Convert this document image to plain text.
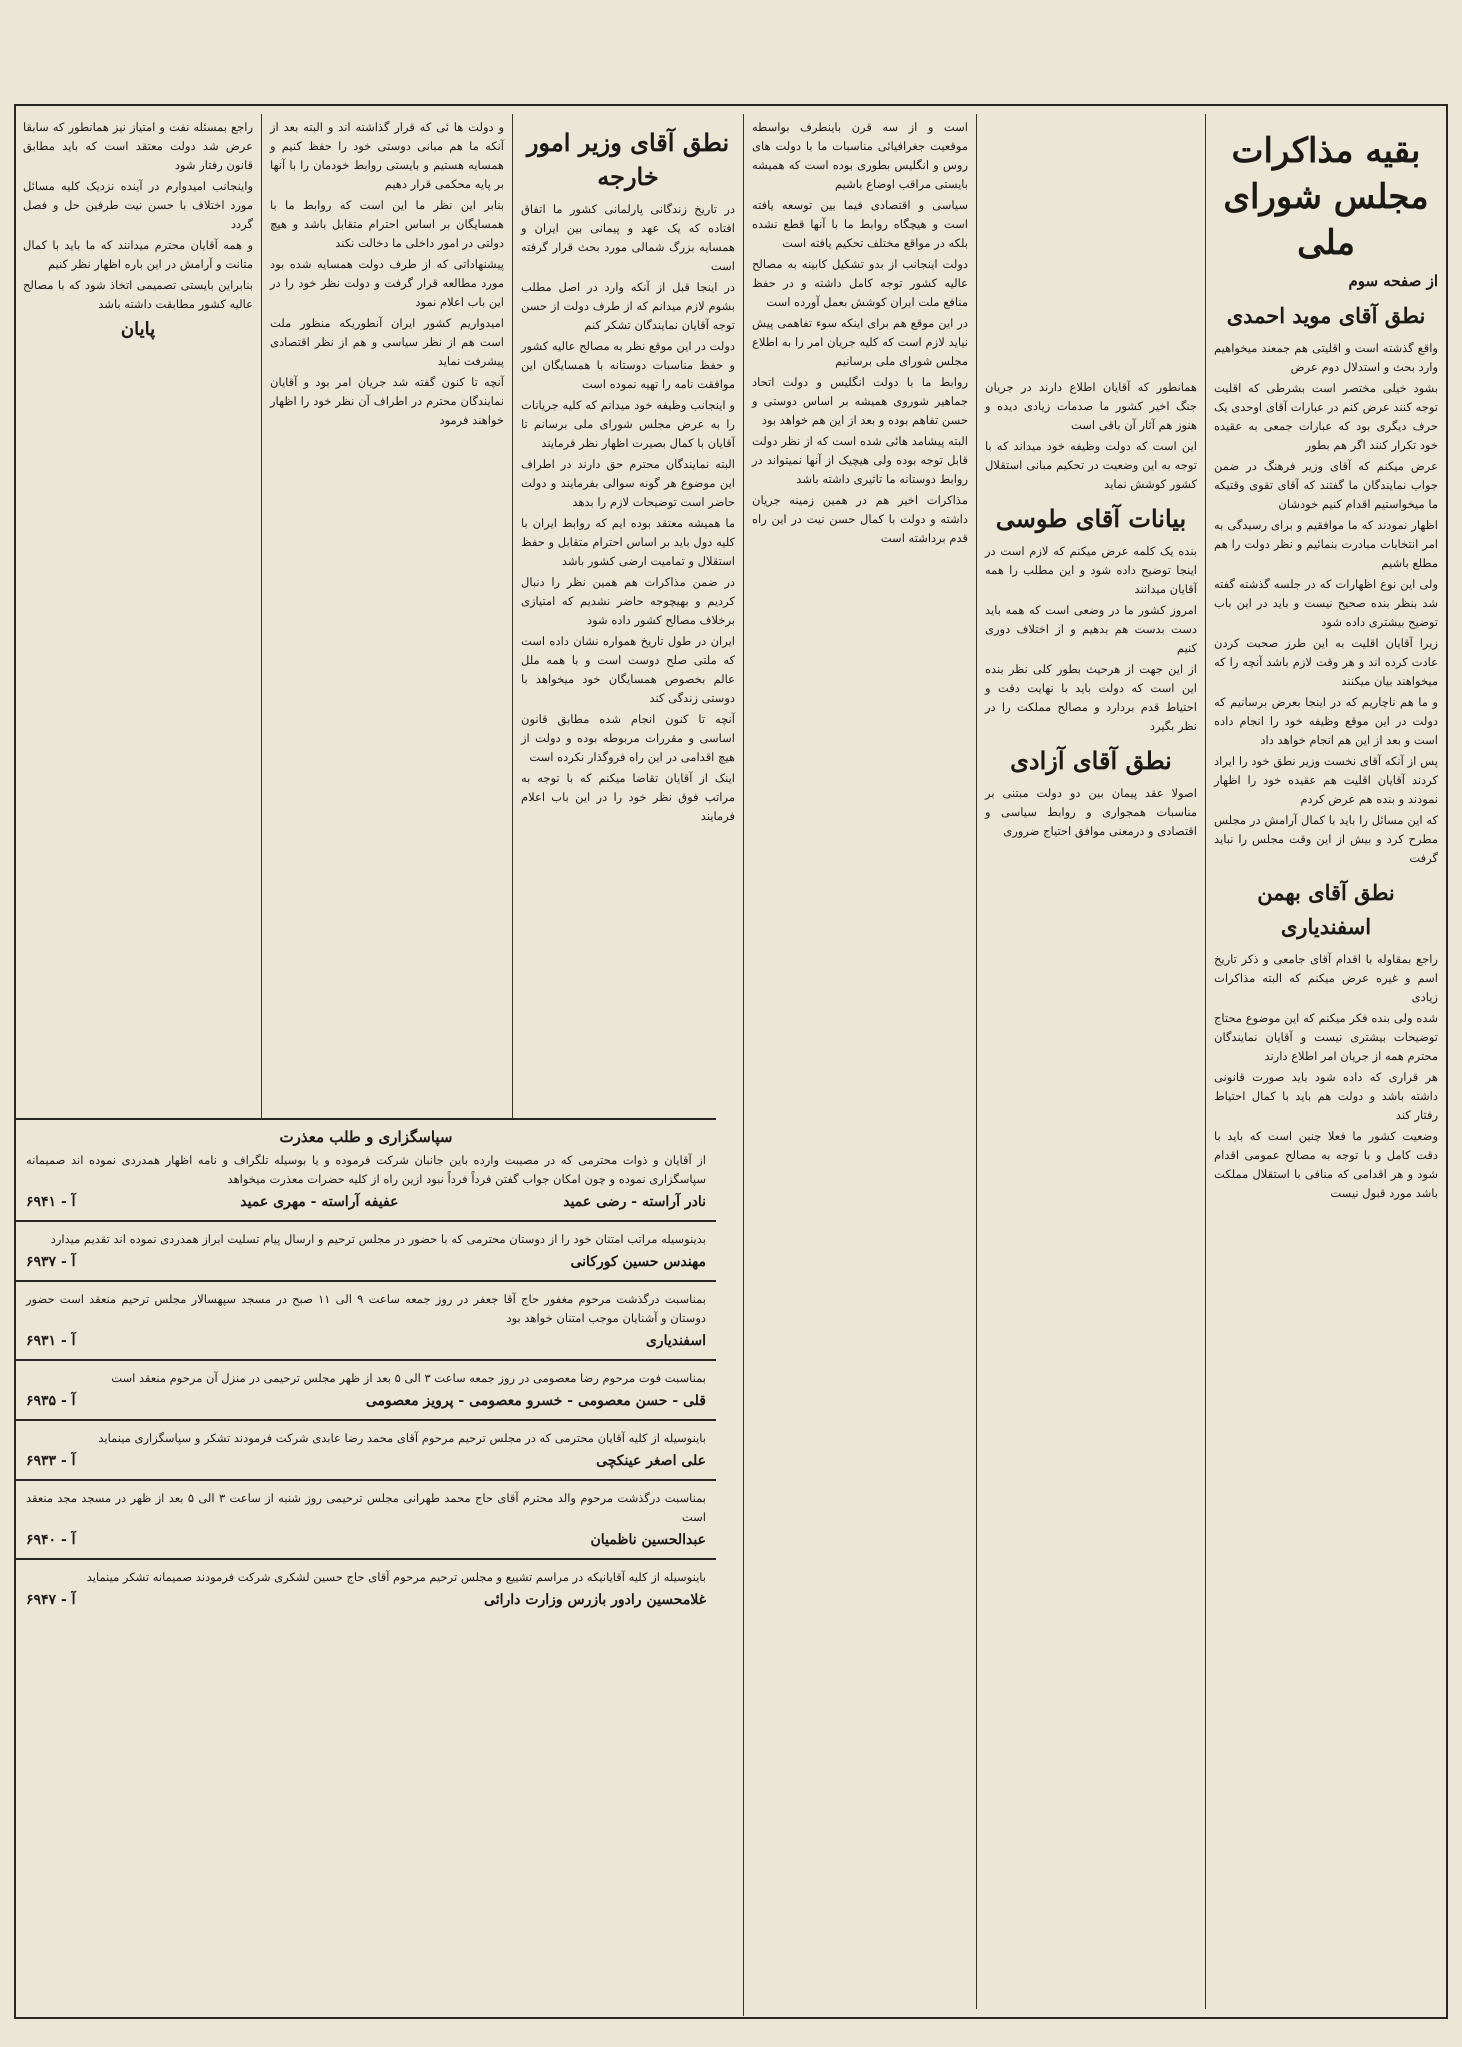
بقیه مذاکرات مجلس شورای ملی
از صفحه سوم
نطق آقای موید احمدی

واقع گذشته است و اقلیتی هم جمعند میخواهیم وارد بحث و استدلال دوم عرض

بشود خیلی مختصر است بشرطی که اقلیت توجه کنند عرض کنم در عبارات آقای اوحدی یک حرف دیگری بود که عبارات جمعی به عقیده خود تکرار کنند اگر هم بطور

عرض میکنم که آقای وزیر فرهنگ در ضمن جواب نمایندگان ما گفتند که آقای تقوی وقتیکه ما میخواستیم اقدام کنیم خودشان

اظهار نمودند که ما موافقیم و برای رسیدگی به امر انتخابات مبادرت بنمائیم و نظر دولت را هم مطلع باشیم

ولی این نوع اظهارات که در جلسه گذشته گفته شد بنظر بنده صحیح نیست و باید در این باب توضیح بیشتری داده شود

زیرا آقایان اقلیت به این طرز صحبت کردن عادت کرده اند و هر وقت لازم باشد آنچه را که میخواهند بیان میکنند

و ما هم ناچاریم که در اینجا بعرض برسانیم که دولت در این موقع وظیفه خود را انجام داده است و بعد از این هم انجام خواهد داد

پس از آنکه آقای نخست وزیر نطق خود را ایراد کردند آقایان اقلیت هم عقیده خود را اظهار نمودند و بنده هم عرض کردم

که این مسائل را باید با کمال آرامش در مجلس مطرح کرد و بیش از این وقت مجلس را نباید گرفت

نطق آقای بهمن اسفندیاری

راجع بمقاوله با اقدام آقای جامعی و ذکر تاریخ اسم و غیره عرض میکنم که البته مذاکرات زیادی

شده ولی بنده فکر میکنم که این موضوع محتاج توضیحات بیشتری نیست و آقایان نمایندگان محترم همه از جریان امر اطلاع دارند

هر قراری که داده شود باید صورت قانونی داشته باشد و دولت هم باید با کمال احتیاط رفتار کند

وضعیت کشور ما فعلا چنین است که باید با دقت کامل و با توجه به مصالح عمومی اقدام شود و هر اقدامی که منافی با استقلال مملکت باشد مورد قبول نیست

همانطور که آقایان اطلاع دارند در جریان جنگ اخیر کشور ما صدمات زیادی دیده و هنوز هم آثار آن باقی است

این است که دولت وظیفه خود میداند که با توجه به این وضعیت در تحکیم مبانی استقلال کشور کوشش نماید

بیانات آقای طوسی

بنده یک کلمه عرض میکنم که لازم است در اینجا توضیح داده شود و این مطلب را همه آقایان میدانند

امروز کشور ما در وضعی است که همه باید دست بدست هم بدهیم و از اختلاف دوری کنیم

از این جهت از هرحیث بطور کلی نظر بنده این است که دولت باید با نهایت دقت و احتیاط قدم بردارد و مصالح مملکت را در نظر بگیرد

نطق آقای آزادی

اصولا عقد پیمان بین دو دولت مبتنی بر مناسبات همجواری و روابط سیاسی و اقتصادی و درمعنی موافق احتیاج ضروری

است و از سه قرن باینطرف بواسطه موقعیت جغرافیائی مناسبات ما با دولت های روس و انگلیس بطوری بوده است که همیشه بایستی مراقب اوضاع باشیم

سیاسی و اقتصادی فیما بین توسعه یافته است و هیچگاه روابط ما با آنها قطع نشده بلکه در مواقع مختلف تحکیم یافته است

دولت اینجانب از بدو تشکیل کابینه به مصالح عالیه کشور توجه کامل داشته و در حفظ منافع ملت ایران کوشش بعمل آورده است

در این موقع هم برای اینکه سوء تفاهمی پیش نیاید لازم است که کلیه جریان امر را به اطلاع مجلس شورای ملی برسانیم

روابط ما با دولت انگلیس و دولت اتحاد جماهیر شوروی همیشه بر اساس دوستی و حسن تفاهم بوده و بعد از این هم خواهد بود

البته پیشامد هائی شده است که از نظر دولت قابل توجه بوده ولی هیچیک از آنها نمیتواند در روابط دوستانه ما تاثیری داشته باشد

مذاکرات اخیر هم در همین زمینه جریان داشته و دولت با کمال حسن نیت در این راه قدم برداشته است

نطق آقای وزیر امور خارجه

در تاریخ زندگانی پارلمانی کشور ما اتفاق افتاده که یک عهد و پیمانی بین ایران و همسایه بزرگ شمالی مورد بحث قرار گرفته است

در اینجا قبل از آنکه وارد در اصل مطلب بشوم لازم میدانم که از طرف دولت از حسن توجه آقایان نمایندگان تشکر کنم

دولت در این موقع نظر به مصالح عالیه کشور و حفظ مناسبات دوستانه با همسایگان این موافقت نامه را تهیه نموده است

و اینجانب وظیفه خود میدانم که کلیه جریانات را به عرض مجلس شورای ملی برسانم تا آقایان با کمال بصیرت اظهار نظر فرمایند

البته نمایندگان محترم حق دارند در اطراف این موضوع هر گونه سوالی بفرمایند و دولت حاضر است توضیحات لازم را بدهد

ما همیشه معتقد بوده ایم که روابط ایران با کلیه دول باید بر اساس احترام متقابل و حفظ استقلال و تمامیت ارضی کشور باشد

در ضمن مذاکرات هم همین نظر را دنبال کردیم و بهیچوجه حاضر نشدیم که امتیازی برخلاف مصالح کشور داده شود

ایران در طول تاریخ همواره نشان داده است که ملتی صلح دوست است و با همه ملل عالم بخصوص همسایگان خود میخواهد با دوستی زندگی کند

آنچه تا کنون انجام شده مطابق قانون اساسی و مقررات مربوطه بوده و دولت از هیچ اقدامی در این راه فروگذار نکرده است

اینک از آقایان تقاضا میکنم که با توجه به مراتب فوق نظر خود را در این باب اعلام فرمایند

و دولت ها ئی که قرار گذاشته اند و البته بعد از آنکه ما هم مبانی دوستی خود را حفظ کنیم و همسایه هستیم و بایستی روابط خودمان را با آنها بر پایه محکمی قرار دهیم

بنابر این نظر ما این است که روابط ما با همسایگان بر اساس احترام متقابل باشد و هیچ دولتی در امور داخلی ما دخالت نکند

پیشنهاداتی که از طرف دولت همسایه شده بود مورد مطالعه قرار گرفت و دولت نظر خود را در این باب اعلام نمود

امیدواریم کشور ایران آنطوریکه منظور ملت است هم از نظر سیاسی و هم از نظر اقتصادی پیشرفت نماید

آنچه تا کنون گفته شد جریان امر بود و آقایان نمایندگان محترم در اطراف آن نظر خود را اظهار خواهند فرمود

راجع بمسئله نفت و امتیاز نیز همانطور که سابقا عرض شد دولت معتقد است که باید مطابق قانون رفتار شود

واینجانب امیدوارم در آینده نزدیک کلیه مسائل مورد اختلاف با حسن نیت طرفین حل و فصل گردد

و همه آقایان محترم میدانند که ما باید با کمال متانت و آرامش در این باره اظهار نظر کنیم

بنابراین بایستی تصمیمی اتخاذ شود که با مصالح عالیه کشور مطابقت داشته باشد

پایان
سپاسگزاری و طلب معذرت
از آقایان و ذوات محترمی که در مصیبت وارده باین جانبان شرکت فرموده و یا بوسیله تلگراف و نامه اظهار همدردی نموده اند صمیمانه سپاسگزاری نموده و چون امکان جواب گفتن فرداً فرداً نبود ازین راه از کلیه حضرات معذرت میخواهد
نادر آراسته - رضی عمید
عفیفه آراسته - مهری عمید
آ - ۶۹۴۱
بدینوسیله مراتب امتنان خود را از دوستان محترمی که با حضور در مجلس ترحیم و ارسال پیام تسلیت ابراز همدردی نموده اند تقدیم میدارد
مهندس حسین کورکانی
آ - ۶۹۳۷
بمناسبت درگذشت مرحوم مغفور حاج آقا جعفر در روز جمعه ساعت ۹ الی ۱۱ صبح در مسجد سپهسالار مجلس ترحیم منعقد است حضور دوستان و آشنایان موجب امتنان خواهد بود
اسفندیاری
آ - ۶۹۳۱
بمناسبت فوت مرحوم رضا معصومی در روز جمعه ساعت ۳ الی ۵ بعد از ظهر مجلس ترحیمی در منزل آن مرحوم منعقد است
قلی - حسن معصومی - خسرو معصومی - پرویز معصومی
آ - ۶۹۳۵
باینوسیله از کلیه آقایان محترمی که در مجلس ترحیم مرحوم آقای محمد رضا عابدی شرکت فرمودند تشکر و سپاسگزاری مینماید
علی اصغر عینکچی
آ - ۶۹۳۳
بمناسبت درگذشت مرحوم والد محترم آقای حاج محمد طهرانی مجلس ترحیمی روز شنبه از ساعت ۳ الی ۵ بعد از ظهر در مسجد مجد منعقد است
عبدالحسین ناظمیان
آ - ۶۹۴۰
باینوسیله از کلیه آقایانیکه در مراسم تشییع و مجلس ترحیم مرحوم آقای حاج حسین لشکری شرکت فرمودند صمیمانه تشکر مینماید
غلامحسین رادور بازرس وزارت دارائی
آ - ۶۹۴۷
